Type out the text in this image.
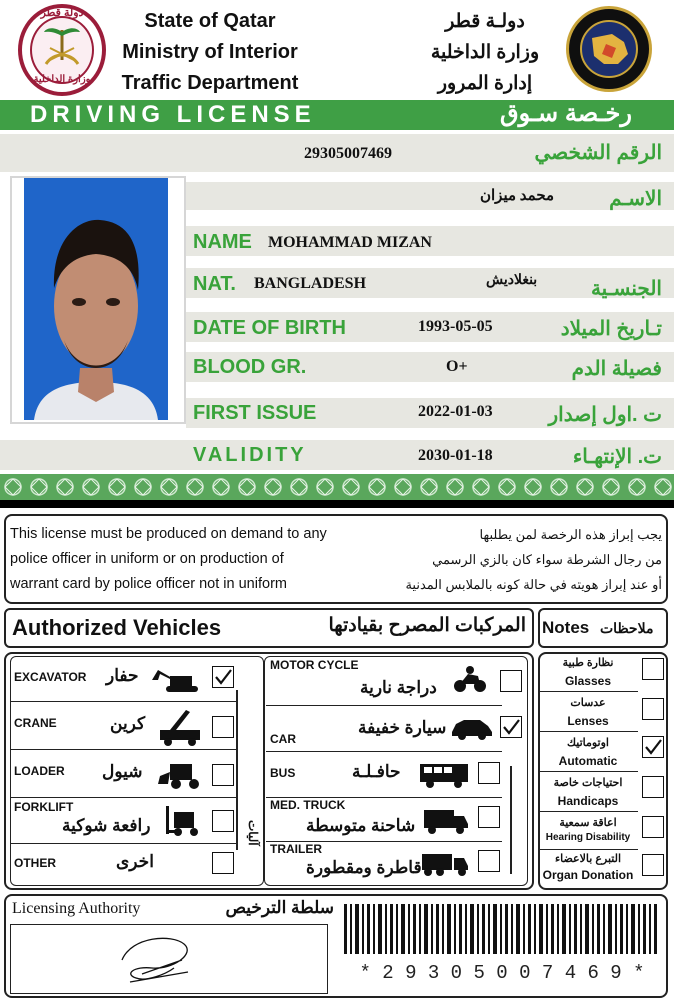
دولة قطر
وزارة الداخلية
State of Qatar
Ministry of Interior
Traffic Department
دولـة قطر
وزارة الداخلية
إدارة المرور
DRIVING LICENSE	رخـصة سـوق
29305007469	الرقم الشخصي
محمد ميزان	الاسـم
NAME MOHAMMAD MIZAN
NAT. BANGLADESH	بنغلاديش	الجنسـية
DATE OF BIRTH	1993-05-05	تـاريخ الميلاد
BLOOD GR.	O+	فصيلة الدم
FIRST ISSUE	2022-01-03	ت .اول إصدار
VALIDITY	2030-01-18	ت. الإنتهـاء
This license must be produced on demand to any
police officer in uniform or on production of
warrant card by police officer not in uniform
يجب إبراز هذه الرخصة لمن يطلبها
من رجال الشرطة سواء كان بالزي الرسمي
أو عند إبراز هويته في حالة كونه بالملابس المدنية
Authorized Vehicles	المركبات المصرح بقيادتها Notes ملاحظات
EXCAVATOR حفار
CRANE	كرين
LOADER شيول
FORKLIFT
رافعة شوكية
OTHER	اخرى
آليات
MOTOR CYCLE
دراجة نارية
CAR
سيارة خفيفة
BUS	حافـلـة
MED. TRUCK
شاحنة متوسطة
TRAILER
قاطرة ومقطورة
نظارة طبية
Glasses
عدسات
Lenses
اوتوماتيك
Automatic
احتياجات خاصة
Handicaps
اعاقة سمعية
Hearing Disability
التبرع بالاعضاء
Organ Donation
Licensing Authority	سلطة الترخيص
* 2 9 3 0 5 0 0 7 4 6 9 *
